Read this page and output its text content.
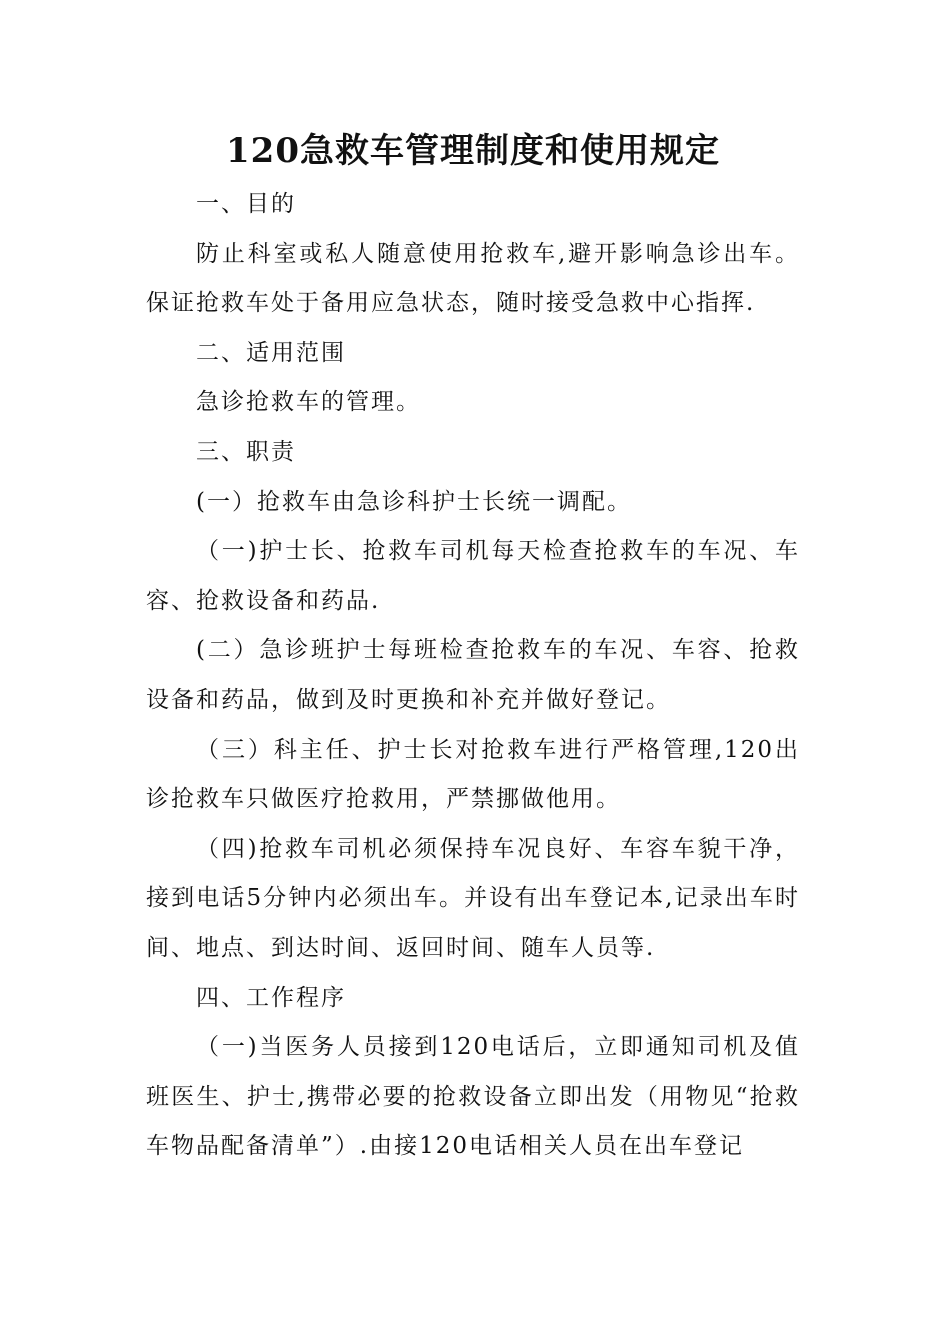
120急救车管理制度和使用规定

一、目的

防止科室或私人随意使用抢救车,避开影响急诊出车。保证抢救车处于备用应急状态，随时接受急救中心指挥.

二、适用范围

急诊抢救车的管理。

三、职责

(一）抢救车由急诊科护士长统一调配。

（一)护士长、抢救车司机每天检查抢救车的车况、车容、抢救设备和药品.

(二）急诊班护士每班检查抢救车的车况、车容、抢救设备和药品，做到及时更换和补充并做好登记。

（三）科主任、护士长对抢救车进行严格管理,120出诊抢救车只做医疗抢救用，严禁挪做他用。

（四)抢救车司机必须保持车况良好、车容车貌干净，接到电话5分钟内必须出车。并设有出车登记本,记录出车时间、地点、到达时间、返回时间、随车人员等.

四、工作程序

（一)当医务人员接到120电话后，立即通知司机及值班医生、护士,携带必要的抢救设备立即出发（用物见“抢救车物品配备清单”）.由接120电话相关人员在出车登记
